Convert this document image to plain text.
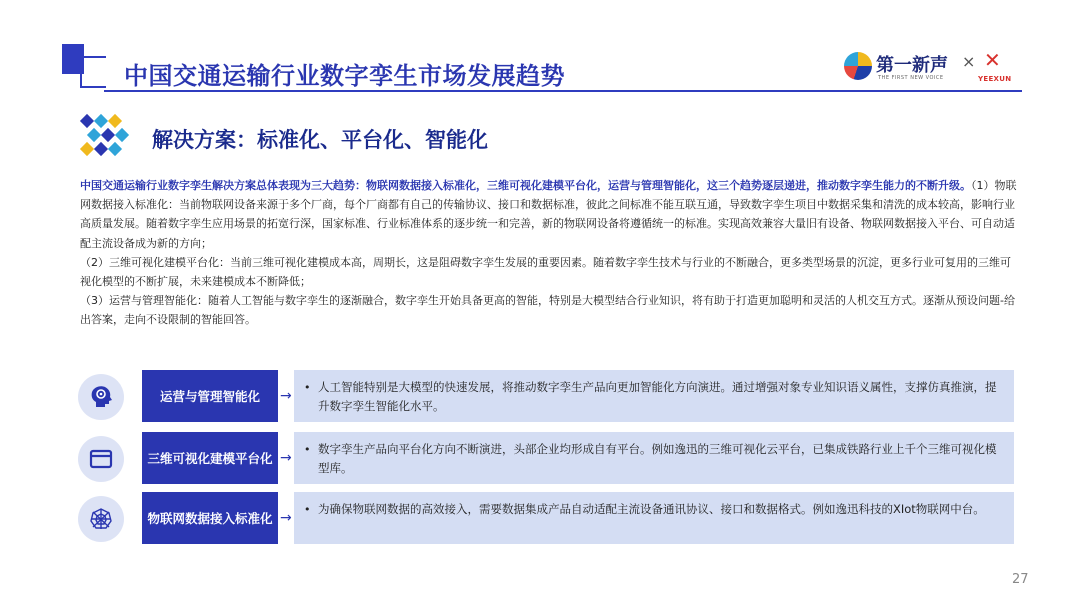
中国交通运输行业数字孪生市场发展趋势	第一新声
THE FIRST NEW VOICE
× ✕
YEEXUN
解决方案：标准化、平台化、智能化

中国交通运输行业数字孪生解决方案总体表现为三大趋势：物联网数据接入标准化，三维可视化建模平台化，运营与管理智能化，这三个趋势逐层递进，推动数字孪生能力的不断升级。（1）物联网数据接入标准化：当前物联网设备来源于多个厂商，每个厂商都有自己的传输协议、接口和数据标准，彼此之间标准不能互联互通，导致数字孪生项目中数据采集和清洗的成本较高，影响行业高质量发展。随着数字孪生应用场景的拓宽行深，国家标准、行业标准体系的逐步统一和完善，新的物联网设备将遵循统一的标准。实现高效兼容大量旧有设备、物联网数据接入平台、可自动适配主流设备成为新的方向；

（2）三维可视化建模平台化：当前三维可视化建模成本高，周期长，这是阻碍数字孪生发展的重要因素。随着数字孪生技术与行业的不断融合，更多类型场景的沉淀，更多行业可复用的三维可视化模型的不断扩展，未来建模成本不断降低；

（3）运营与管理智能化：随着人工智能与数字孪生的逐渐融合，数字孪生开始具备更高的智能，特别是大模型结合行业知识，将有助于打造更加聪明和灵活的人机交互方式。逐渐从预设问题-给出答案，走向不设限制的智能回答。

运营与管理智能化	→
• 人工智能特别是大模型的快速发展，将推动数字孪生产品向更加智能化方向演进。通过增强对象专业知识语义属性，支撑仿真推演，提升数字孪生智能化水平。
三维可视化建模平台化 →
• 数字孪生产品向平台化方向不断演进，头部企业均形成自有平台。例如逸迅的三维可视化云平台，已集成铁路行业上千个三维可视化模型库。
物联网数据接入标准化 →
• 为确保物联网数据的高效接入，需要数据集成产品自动适配主流设备通讯协议、接口和数据格式。例如逸迅科技的XIot物联网中台。
27
